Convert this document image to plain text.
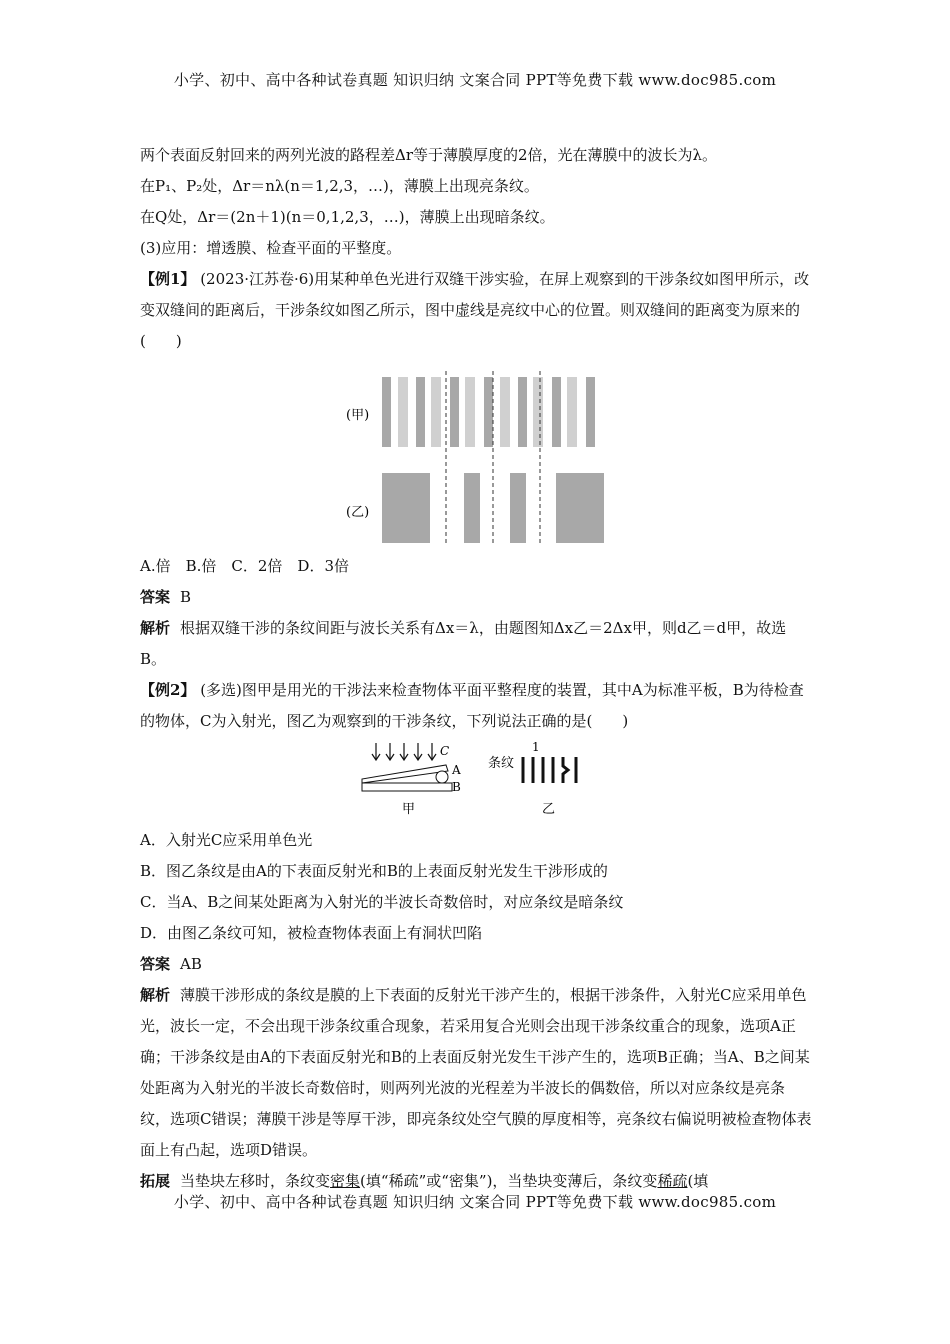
小学、初中、高中各种试卷真题 知识归纳 文案合同 PPT等免费下载 www.doc985.com
两个表面反射回来的两列光波的路程差Δr等于薄膜厚度的2倍，光在薄膜中的波长为λ。
在P₁、P₂处，Δr＝nλ(n＝1,2,3，…)，薄膜上出现亮条纹。
在Q处，Δr＝(2n＋1)(n＝0,1,2,3，…)，薄膜上出现暗条纹。
(3)应用：增透膜、检查平面的平整度。
【例1】 (2023·江苏卷·6)用某种单色光进行双缝干涉实验，在屏上观察到的干涉条纹如图甲所示，改变双缝间的距离后，干涉条纹如图乙所示，图中虚线是亮纹中心的位置。则双缝间的距离变为原来的(　　)
(甲)
(乙)
A.倍　B.倍　C．2倍　D．3倍
答案 B
解析 根据双缝干涉的条纹间距与波长关系有Δx＝λ，由题图知Δx乙＝2Δx甲，则d乙＝d甲，故选B。
【例2】 (多选)图甲是用光的干涉法来检查物体平面平整程度的装置，其中A为标准平板，B为待检查的物体，C为入射光，图乙为观察到的干涉条纹，下列说法正确的是(　　)
C
A
B
甲
条纹
1
乙
A．入射光C应采用单色光
B．图乙条纹是由A的下表面反射光和B的上表面反射光发生干涉形成的
C．当A、B之间某处距离为入射光的半波长奇数倍时，对应条纹是暗条纹
D．由图乙条纹可知，被检查物体表面上有洞状凹陷
答案 AB
解析 薄膜干涉形成的条纹是膜的上下表面的反射光干涉产生的，根据干涉条件，入射光C应采用单色光，波长一定，不会出现干涉条纹重合现象，若采用复合光则会出现干涉条纹重合的现象，选项A正确；干涉条纹是由A的下表面反射光和B的上表面反射光发生干涉产生的，选项B正确；当A、B之间某处距离为入射光的半波长奇数倍时，则两列光波的光程差为半波长的偶数倍，所以对应条纹是亮条纹，选项C错误；薄膜干涉是等厚干涉，即亮条纹处空气膜的厚度相等，亮条纹右偏说明被检查物体表面上有凸起，选项D错误。
拓展 当垫块左移时，条纹变密集(填“稀疏”或“密集”)，当垫块变薄后，条纹变稀疏(填
小学、初中、高中各种试卷真题 知识归纳 文案合同 PPT等免费下载 www.doc985.com
